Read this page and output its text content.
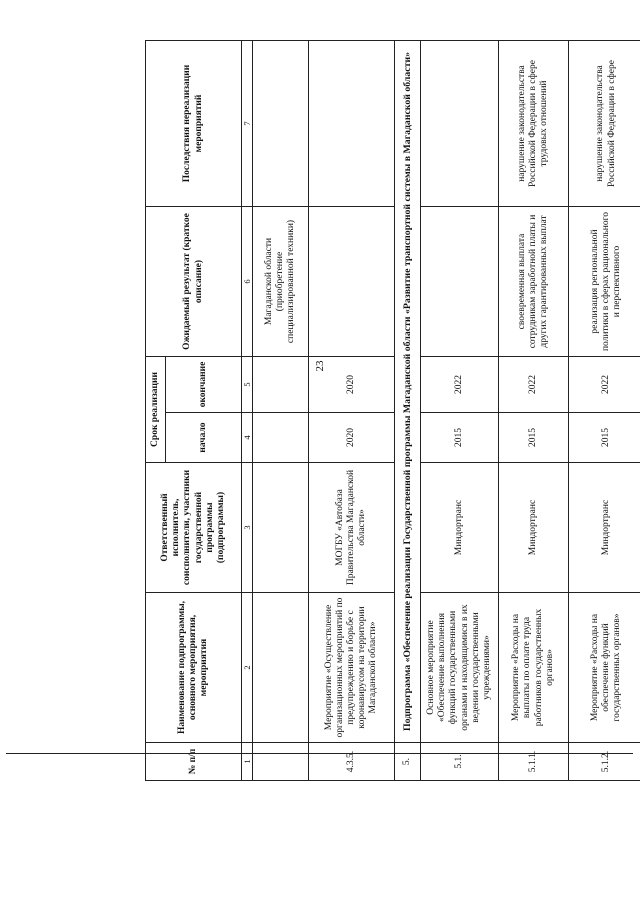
23
№ п/п	Наименование подпрограммы, основного мероприятия, мероприятия	Ответственный исполнитель, соисполнители, участники государственной программы (подпрограммы)	Срок реализации		Ожидаемый результат (краткое описание)	Последствия нереализации мероприятий
			начало	окончание		
1	2	3	4	5	6	7
					Магаданской области (приобретение специализированной техники)	
4.3.5.	Мероприятие «Осуществление организационных мероприятий по предупреждению и борьбе с коронавирусом на территории Магаданской области»	МОГБУ «Автобаза Правительства Магаданской области»	2020	2020		
5.	Подпрограмма «Обеспечение реализации Государственной программы Магаданской области «Развитие транспортной системы в Магаданской области»					
5.1.	Основное мероприятие «Обеспечение выполнения функций государственными органами и находящимися в их ведении государственными учреждениями»	Миндортранс	2015	2022		
5.1.1.	Мероприятие «Расходы на выплаты по оплате труда работников государственных органов»	Миндортранс	2015	2022	своевременная выплата сотрудникам заработной платы и других гарантированных выплат	нарушение законодательства Российской Федерации в сфере трудовых отношений
5.1.2.	Мероприятие «Расходы на обеспечение функций государственных органов»	Миндортранс	2015	2022	реализация региональной политики в сферах рационального и перспективного	нарушение законодательства Российской Федерации в сфере
